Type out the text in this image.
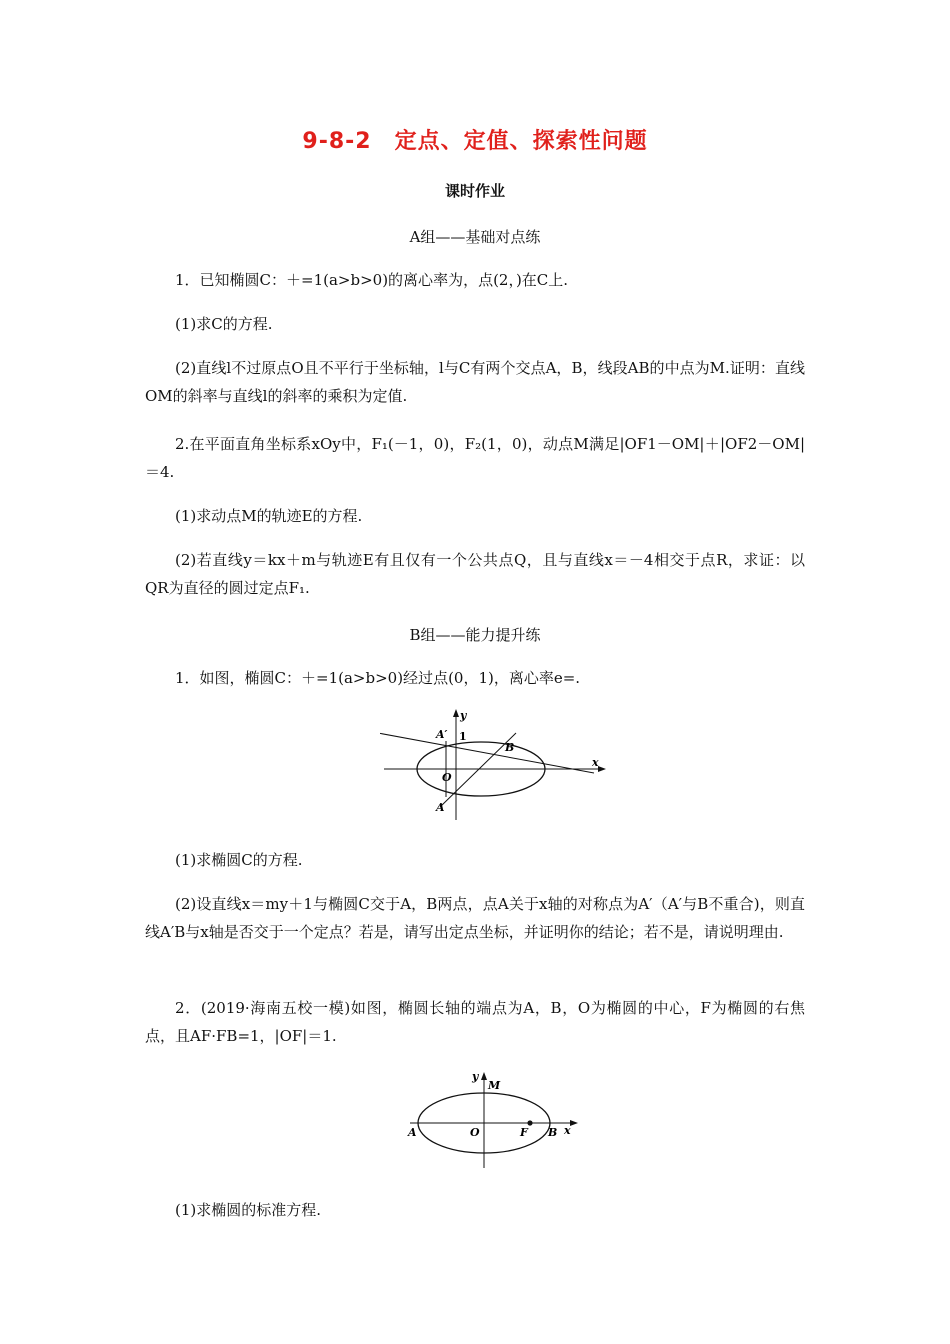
9-8-2　定点、定值、探索性问题
课时作业
A组——基础对点练
1．已知椭圆C：＋=1(a>b>0)的离心率为，点(2，)在C上.
(1)求C的方程.
(2)直线l不过原点O且不平行于坐标轴，l与C有两个交点A，B，线段AB的中点为M.证明：直线OM的斜率与直线l的斜率的乘积为定值.
2.在平面直角坐标系xOy中，F₁(－1，0)，F₂(1，0)，动点M满足|OF1－OM|＋|OF2－OM|＝4.
(1)求动点M的轨迹E的方程.
(2)若直线y＝kx＋m与轨迹E有且仅有一个公共点Q，且与直线x＝－4相交于点R，求证：以QR为直径的圆过定点F₁.
B组——能力提升练
1．如图，椭圆C：＋=1(a>b>0)经过点(0，1)，离心率e=.
y
1
A′
B
O
x
A
(1)求椭圆C的方程.
(2)设直线x＝my＋1与椭圆C交于A，B两点，点A关于x轴的对称点为A′（A′与B不重合)，则直线A′B与x轴是否交于一个定点？若是，请写出定点坐标，并证明你的结论；若不是，请说明理由.
2．(2019·海南五校一模)如图，椭圆长轴的端点为A，B，O为椭圆的中心，F为椭圆的右焦点，且AF·FB=1，|OF|＝1.
y
M
A	O	F B x
(1)求椭圆的标准方程.
